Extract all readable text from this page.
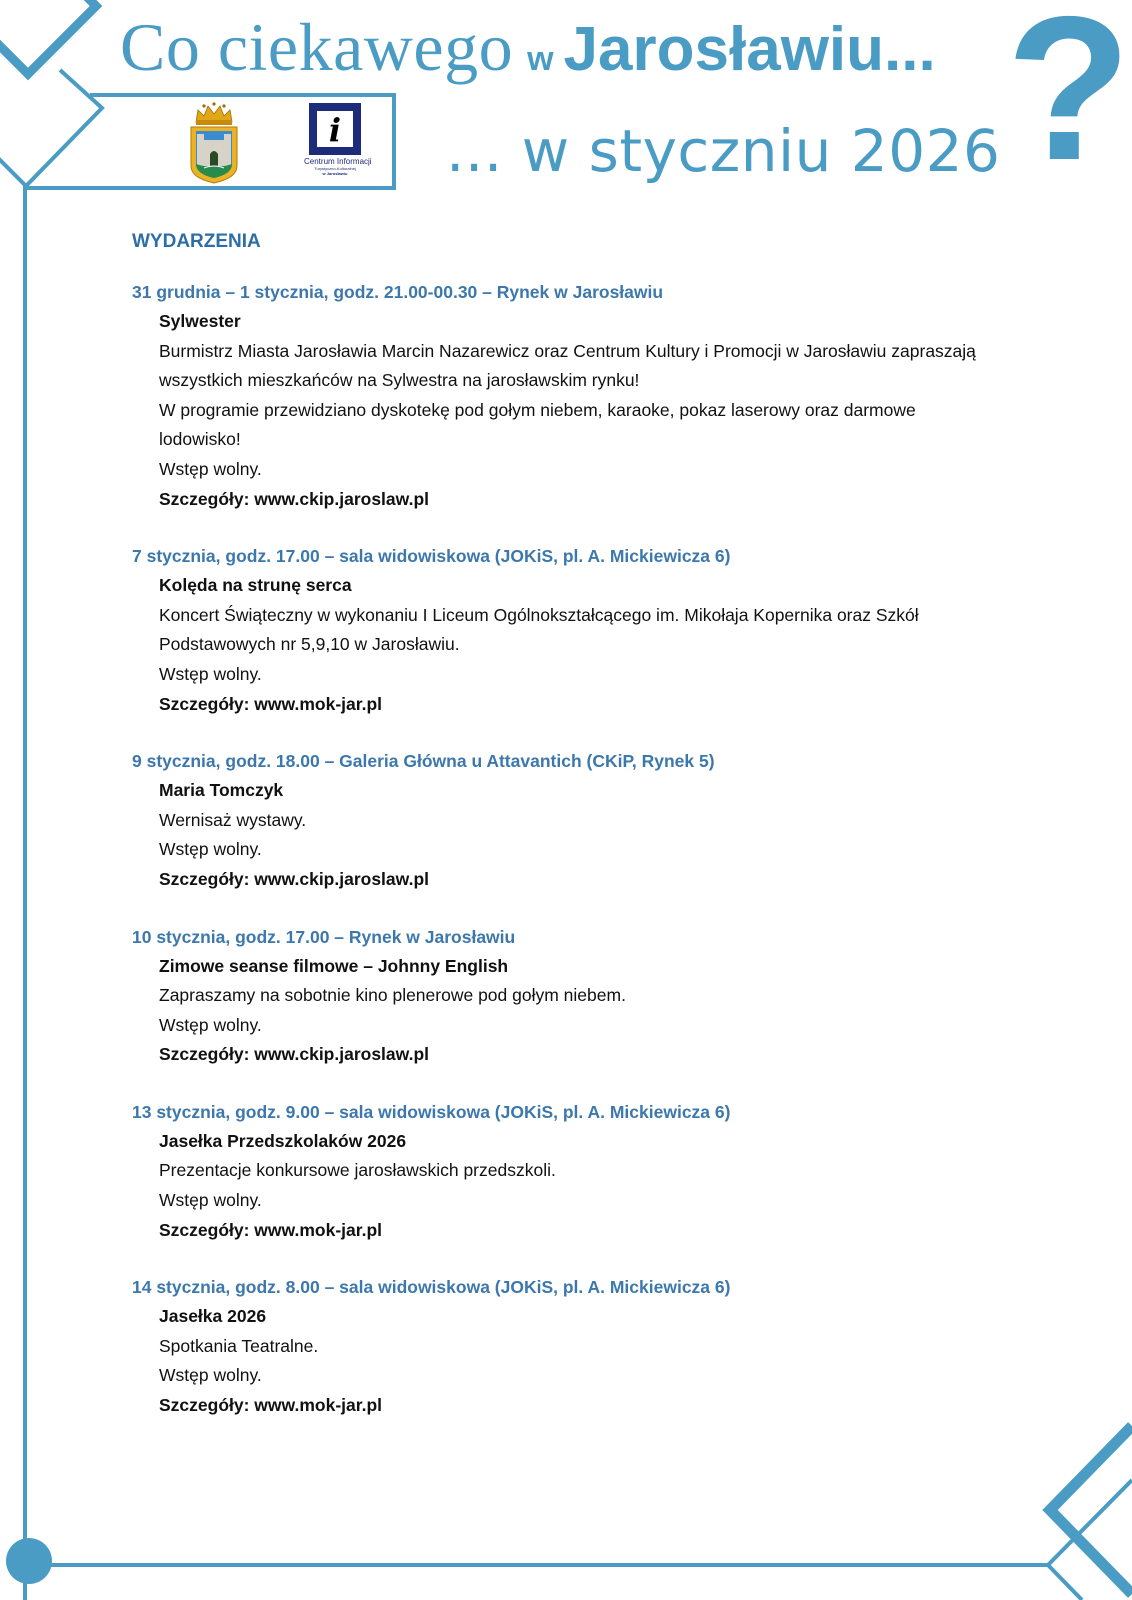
Co ciekawego w Jarosławiu...
... w styczniu 2026 ?
i
Centrum Informacji
Turystyczno-Kulturalnej
w Jarosławiu
WYDARZENIA
31 grudnia – 1 stycznia, godz. 21.00-00.30 – Rynek w Jarosławiu
Sylwester
Burmistrz Miasta Jarosławia Marcin Nazarewicz oraz Centrum Kultury i Promocji w Jarosławiu zapraszają wszystkich mieszkańców na Sylwestra na jarosławskim rynku!
W programie przewidziano dyskotekę pod gołym niebem, karaoke, pokaz laserowy oraz darmowe lodowisko!
Wstęp wolny.
Szczegóły: www.ckip.jaroslaw.pl
7 stycznia, godz. 17.00 – sala widowiskowa (JOKiS, pl. A. Mickiewicza 6)
Kolęda na strunę serca
Koncert Świąteczny w wykonaniu I Liceum Ogólnokształcącego im. Mikołaja Kopernika oraz Szkół Podstawowych nr 5,9,10 w Jarosławiu.
Wstęp wolny.
Szczegóły: www.mok-jar.pl
9 stycznia, godz. 18.00 – Galeria Główna u Attavantich (CKiP, Rynek 5)
Maria Tomczyk
Wernisaż wystawy.
Wstęp wolny.
Szczegóły: www.ckip.jaroslaw.pl
10 stycznia, godz. 17.00 – Rynek w Jarosławiu
Zimowe seanse filmowe – Johnny English
Zapraszamy na sobotnie kino plenerowe pod gołym niebem.
Wstęp wolny.
Szczegóły: www.ckip.jaroslaw.pl
13 stycznia, godz. 9.00 – sala widowiskowa (JOKiS, pl. A. Mickiewicza 6)
Jasełka Przedszkolaków 2026
Prezentacje konkursowe jarosławskich przedszkoli.
Wstęp wolny.
Szczegóły: www.mok-jar.pl
14 stycznia, godz. 8.00 – sala widowiskowa (JOKiS, pl. A. Mickiewicza 6)
Jasełka 2026
Spotkania Teatralne.
Wstęp wolny.
Szczegóły: www.mok-jar.pl
